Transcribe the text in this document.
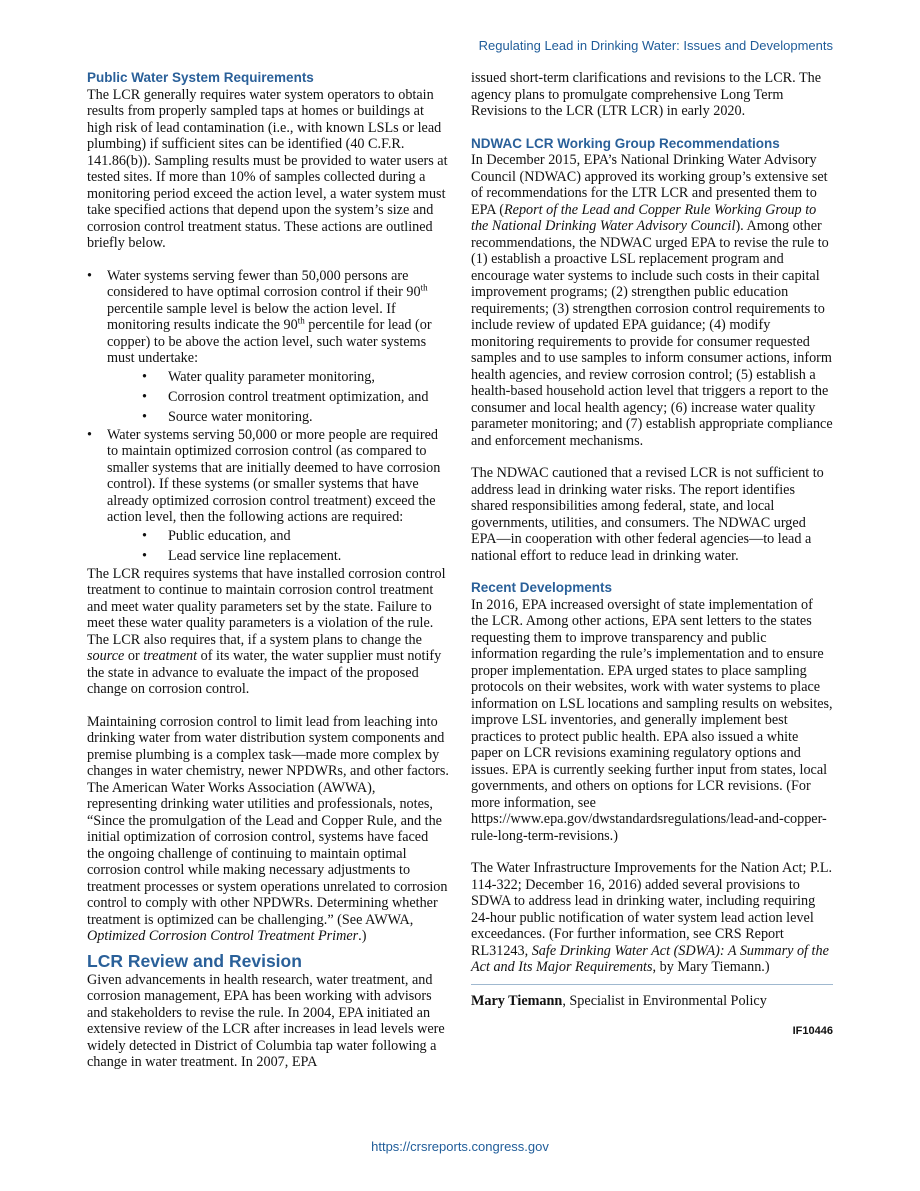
Regulating Lead in Drinking Water: Issues and Developments

Public Water System Requirements

The LCR generally requires water system operators to obtain results from properly sampled taps at homes or buildings at high risk of lead contamination (i.e., with known LSLs or lead plumbing) if sufficient sites can be identified (40 C.F.R. 141.86(b)). Sampling results must be provided to water users at tested sites. If more than 10% of samples collected during a monitoring period exceed the action level, a water system must take specified actions that depend upon the system’s size and corrosion control treatment status. These actions are outlined briefly below.

• Water systems serving fewer than 50,000 persons are considered to have optimal corrosion control if their 90th percentile sample level is below the action level. If monitoring results indicate the 90th percentile for lead (or copper) to be above the action level, such water systems must undertake:
• Water quality parameter monitoring,
• Corrosion control treatment optimization, and
• Source water monitoring.
• Water systems serving 50,000 or more people are required to maintain optimized corrosion control (as compared to smaller systems that are initially deemed to have corrosion control). If these systems (or smaller systems that have already optimized corrosion control treatment) exceed the action level, then the following actions are required:
• Public education, and
• Lead service line replacement.

The LCR requires systems that have installed corrosion control treatment to continue to maintain corrosion control treatment and meet water quality parameters set by the state. Failure to meet these water quality parameters is a violation of the rule. The LCR also requires that, if a system plans to change the source or treatment of its water, the water supplier must notify the state in advance to evaluate the impact of the proposed change on corrosion control.

Maintaining corrosion control to limit lead from leaching into drinking water from water distribution system components and premise plumbing is a complex task—made more complex by changes in water chemistry, newer NPDWRs, and other factors. The American Water Works Association (AWWA), representing drinking water utilities and professionals, notes, “Since the promulgation of the Lead and Copper Rule, and the initial optimization of corrosion control, systems have faced the ongoing challenge of continuing to maintain optimal corrosion control while making necessary adjustments to treatment processes or system operations unrelated to corrosion control to comply with other NPDWRs. Determining whether treatment is optimized can be challenging.” (See AWWA, Optimized Corrosion Control Treatment Primer.)

LCR Review and Revision

Given advancements in health research, water treatment, and corrosion management, EPA has been working with advisors and stakeholders to revise the rule. In 2004, EPA initiated an extensive review of the LCR after increases in lead levels were widely detected in District of Columbia tap water following a change in water treatment. In 2007, EPA

issued short-term clarifications and revisions to the LCR. The agency plans to promulgate comprehensive Long Term Revisions to the LCR (LTR LCR) in early 2020.

NDWAC LCR Working Group Recommendations

In December 2015, EPA’s National Drinking Water Advisory Council (NDWAC) approved its working group’s extensive set of recommendations for the LTR LCR and presented them to EPA (Report of the Lead and Copper Rule Working Group to the National Drinking Water Advisory Council). Among other recommendations, the NDWAC urged EPA to revise the rule to (1) establish a proactive LSL replacement program and encourage water systems to include such costs in their capital improvement programs; (2) strengthen public education requirements; (3) strengthen corrosion control requirements to include review of updated EPA guidance; (4) modify monitoring requirements to provide for consumer requested samples and to use samples to inform consumer actions, inform health agencies, and review corrosion control; (5) establish a health-based household action level that triggers a report to the consumer and local health agency; (6) increase water quality parameter monitoring; and (7) establish appropriate compliance and enforcement mechanisms.

The NDWAC cautioned that a revised LCR is not sufficient to address lead in drinking water risks. The report identifies shared responsibilities among federal, state, and local governments, utilities, and consumers. The NDWAC urged EPA—in cooperation with other federal agencies—to lead a national effort to reduce lead in drinking water.

Recent Developments

In 2016, EPA increased oversight of state implementation of the LCR. Among other actions, EPA sent letters to the states requesting them to improve transparency and public information regarding the rule’s implementation and to ensure proper implementation. EPA urged states to place sampling protocols on their websites, work with water systems to place information on LSL locations and sampling results on websites, improve LSL inventories, and generally implement best practices to protect public health. EPA also issued a white paper on LCR revisions examining regulatory options and issues. EPA is currently seeking further input from states, local governments, and others on options for LCR revisions. (For more information, see https://www.epa.gov/dwstandardsregulations/lead-and-copper-rule-long-term-revisions.)

The Water Infrastructure Improvements for the Nation Act; P.L. 114-322; December 16, 2016) added several provisions to SDWA to address lead in drinking water, including requiring 24-hour public notification of water system lead action level exceedances. (For further information, see CRS Report RL31243, Safe Drinking Water Act (SDWA): A Summary of the Act and Its Major Requirements, by Mary Tiemann.)

Mary Tiemann, Specialist in Environmental Policy

IF10446

https://crsreports.congress.gov
